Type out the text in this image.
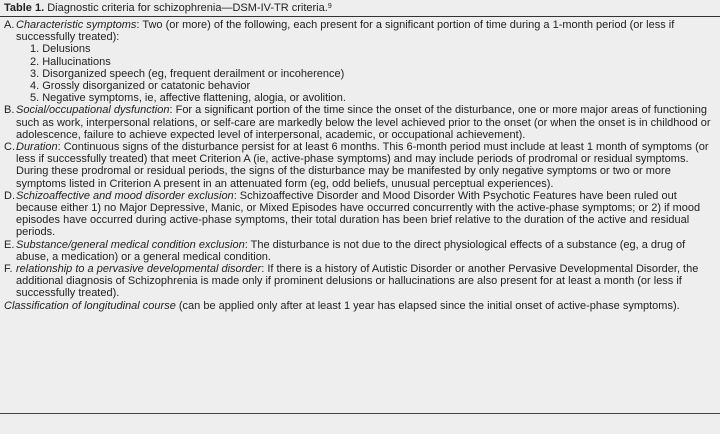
Table 1. Diagnostic criteria for schizophrenia—DSM-IV-TR criteria.$^9$
A. Characteristic symptoms: Two (or more) of the following, each present for a significant portion of time during a 1-month period (or less if successfully treated):
1. Delusions
2. Hallucinations
3. Disorganized speech (eg, frequent derailment or incoherence)
4. Grossly disorganized or catatonic behavior
5. Negative symptoms, ie, affective flattening, alogia, or avolition.
B. Social/occupational dysfunction: For a significant portion of the time since the onset of the disturbance, one or more major areas of functioning such as work, interpersonal relations, or self-care are markedly below the level achieved prior to the onset (or when the onset is in childhood or adolescence, failure to achieve expected level of interpersonal, academic, or occupational achievement).
C. Duration: Continuous signs of the disturbance persist for at least 6 months. This 6-month period must include at least 1 month of symptoms (or less if successfully treated) that meet Criterion A (ie, active-phase symptoms) and may include periods of prodromal or residual symptoms. During these prodromal or residual periods, the signs of the disturbance may be manifested by only negative symptoms or two or more symptoms listed in Criterion A present in an attenuated form (eg, odd beliefs, unusual perceptual experiences).
D. Schizoaffective and mood disorder exclusion: Schizoaffective Disorder and Mood Disorder With Psychotic Features have been ruled out because either 1) no Major Depressive, Manic, or Mixed Episodes have occurred concurrently with the active-phase symptoms; or 2) if mood episodes have occurred during active-phase symptoms, their total duration has been brief relative to the duration of the active and residual periods.
E. Substance/general medical condition exclusion: The disturbance is not due to the direct physiological effects of a substance (eg, a drug of abuse, a medication) or a general medical condition.
F. relationship to a pervasive developmental disorder: If there is a history of Autistic Disorder or another Pervasive Developmental Disorder, the additional diagnosis of Schizophrenia is made only if prominent delusions or hallucinations are also present for at least a month (or less if successfully treated).
Classification of longitudinal course (can be applied only after at least 1 year has elapsed since the initial onset of active-phase symptoms).
